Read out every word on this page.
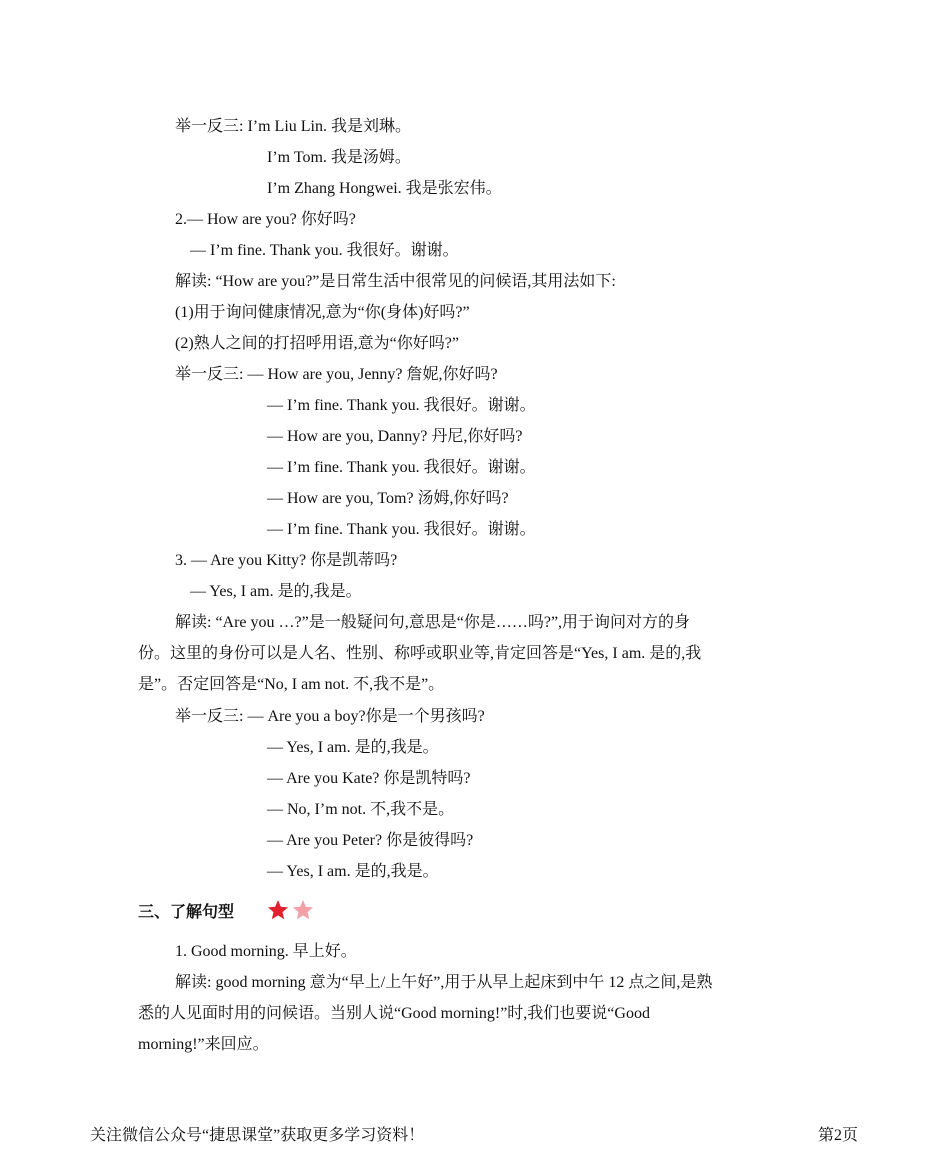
举一反三: I’m Liu Lin. 我是刘琳。
I’m Tom. 我是汤姆。
I’m Zhang Hongwei. 我是张宏伟。
2.— How are you? 你好吗?
— I’m fine. Thank you. 我很好。谢谢。
解读: “How are you?”是日常生活中很常见的问候语,其用法如下:
(1)用于询问健康情况,意为“你(身体)好吗?”
(2)熟人之间的打招呼用语,意为“你好吗?”
举一反三: — How are you, Jenny? 詹妮,你好吗?
— I’m fine. Thank you. 我很好。谢谢。
— How are you, Danny? 丹尼,你好吗?
— I’m fine. Thank you. 我很好。谢谢。
— How are you, Tom? 汤姆,你好吗?
— I’m fine. Thank you. 我很好。谢谢。
3. — Are you Kitty? 你是凯蒂吗?
— Yes, I am. 是的,我是。
解读: “Are you …?”是一般疑问句,意思是“你是……吗?”,用于询问对方的身
份。这里的身份可以是人名、性别、称呼或职业等,肯定回答是“Yes, I am. 是的,我
是”。否定回答是“No, I am not. 不,我不是”。
举一反三: — Are you a boy?你是一个男孩吗?
— Yes, I am. 是的,我是。
— Are you Kate? 你是凯特吗?
— No, I’m not. 不,我不是。
— Are you Peter? 你是彼得吗?
— Yes, I am. 是的,我是。
三、了解句型
1. Good morning. 早上好。
解读: good morning 意为“早上/上午好”,用于从早上起床到中午 12 点之间,是熟
悉的人见面时用的问候语。当别人说“Good morning!”时,我们也要说“Good
morning!”来回应。
关注微信公众号“捷思课堂”获取更多学习资料！	第2页
